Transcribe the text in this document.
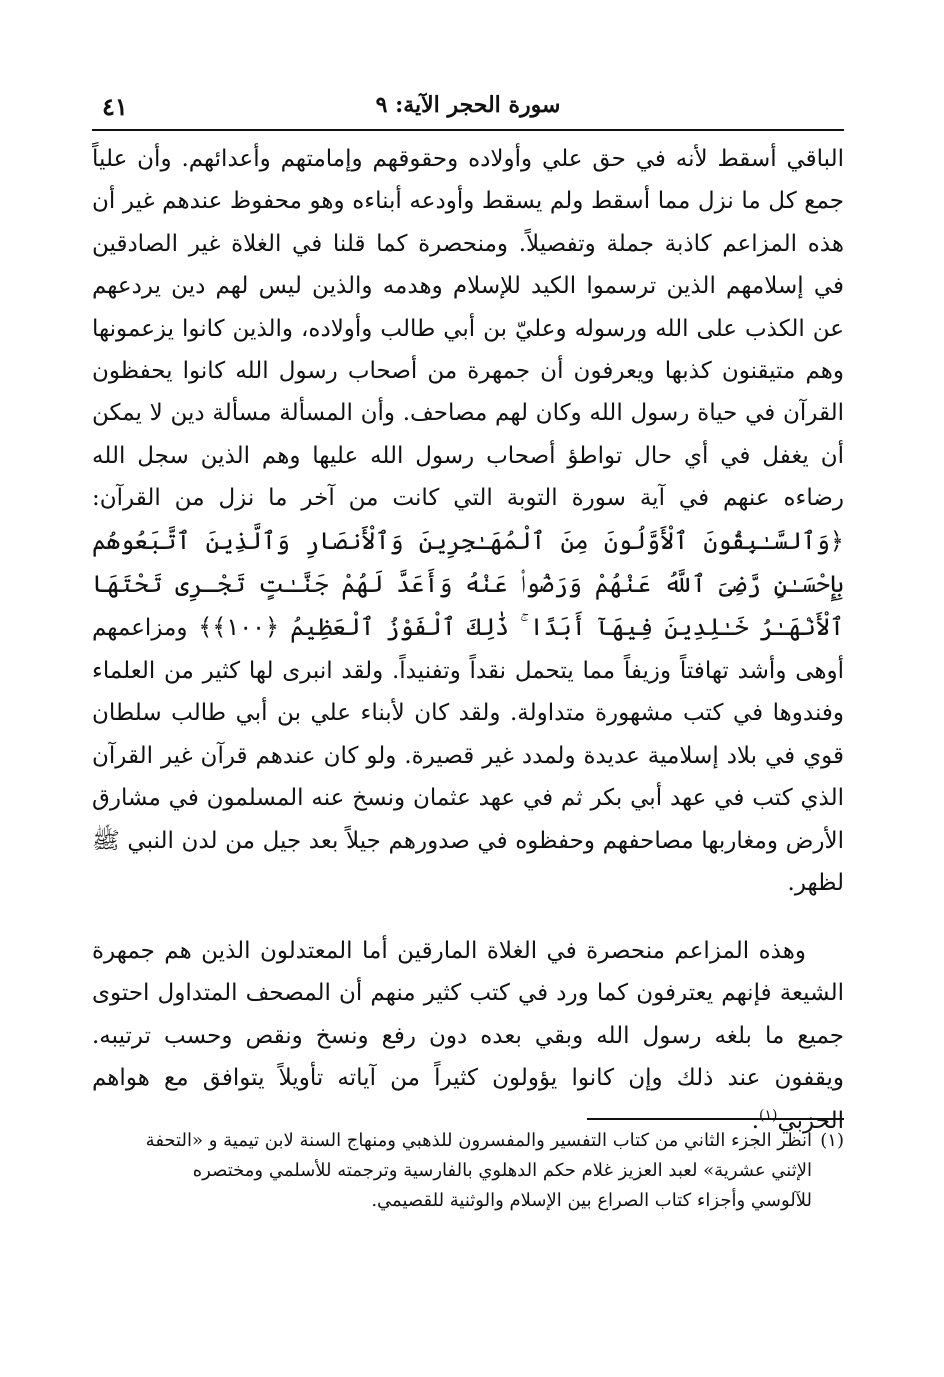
سورة الحجر الآية: ٩
٤١

الباقي أسقط لأنه في حق علي وأولاده وحقوقهم وإمامتهم وأعدائهم. وأن علياً جمع كل ما نزل مما أسقط ولم يسقط وأودعه أبناءه وهو محفوظ عندهم غير أن هذه المزاعم كاذبة جملة وتفصيلاً. ومنحصرة كما قلنا في الغلاة غير الصادقين في إسلامهم الذين ترسموا الكيد للإسلام وهدمه والذين ليس لهم دين يردعهم عن الكذب على الله ورسوله وعليّ بن أبي طالب وأولاده، والذين كانوا يزعمونها وهم متيقنون كذبها ويعرفون أن جمهرة من أصحاب رسول الله كانوا يحفظون القرآن في حياة رسول الله وكان لهم مصاحف. وأن المسألة مسألة دين لا يمكن أن يغفل في أي حال تواطؤ أصحاب رسول الله عليها وهم الذين سجل الله رضاءه عنهم في آية سورة التوبة التي كانت من آخر ما نزل من القرآن: ﴿وَٱلسَّـٰبِقُونَ ٱلْأَوَّلُونَ مِنَ ٱلْمُهَـٰجِرِينَ وَٱلْأَنصَارِ وَٱلَّذِينَ ٱتَّبَعُوهُم بِإِحْسَـٰنٍ رَّضِىَ ٱللَّهُ عَنْهُمْ وَرَضُوا۟ عَنْهُ وَأَعَدَّ لَهُمْ جَنَّـٰتٍ تَجْـرِى تَحْتَهَا ٱلْأَنْهَـٰرُ خَـٰلِدِينَ فِيهَآ أَبَدًا ۚ ذَٰلِكَ ٱلْفَوْزُ ٱلْعَظِيمُ ﴿١٠٠﴾﴾ ومزاعمهم أوهى وأشد تهافتاً وزيفاً مما يتحمل نقداً وتفنيداً. ولقد انبرى لها كثير من العلماء وفندوها في كتب مشهورة متداولة. ولقد كان لأبناء علي بن أبي طالب سلطان قوي في بلاد إسلامية عديدة ولمدد غير قصيرة. ولو كان عندهم قرآن غير القرآن الذي كتب في عهد أبي بكر ثم في عهد عثمان ونسخ عنه المسلمون في مشارق الأرض ومغاربها مصاحفهم وحفظوه في صدورهم جيلاً بعد جيل من لدن النبي ﷺ لظهر.

وهذه المزاعم منحصرة في الغلاة المارقين أما المعتدلون الذين هم جمهرة الشيعة فإنهم يعترفون كما ورد في كتب كثير منهم أن المصحف المتداول احتوى جميع ما بلغه رسول الله وبقي بعده دون رفع ونسخ ونقص وحسب ترتيبه. ويقفون عند ذلك وإن كانوا يؤولون كثيراً من آياته تأويلاً يتوافق مع هواهم الحزبي$^{(١)}$.

(١)انظر الجزء الثاني من كتاب التفسير والمفسرون للذهبي ومنهاج السنة لابن تيمية و «التحفة

الإثني عشرية» لعبد العزيز غلام حكم الدهلوي بالفارسية وترجمته للأسلمي ومختصره

للآلوسي وأجزاء كتاب الصراع بين الإسلام والوثنية للقصيمي.
